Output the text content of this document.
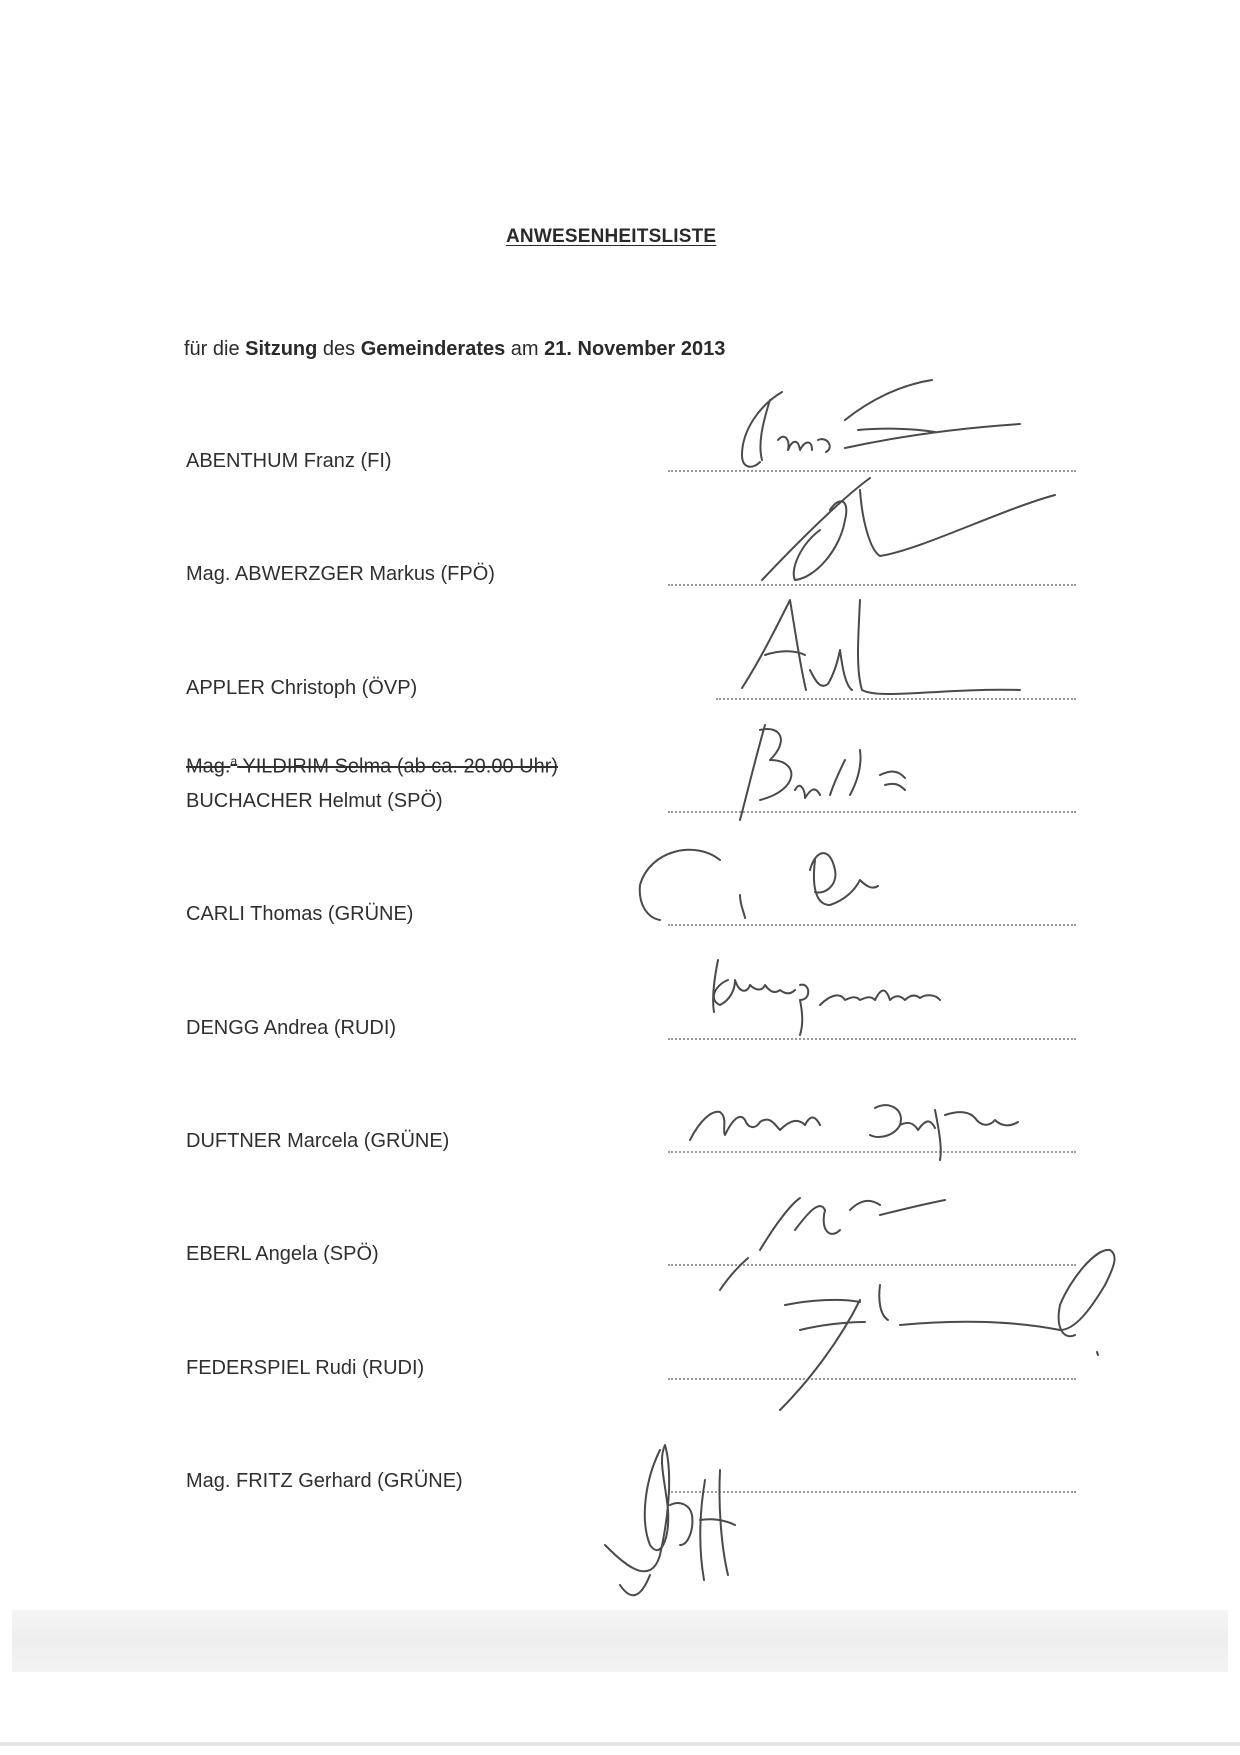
ANWESENHEITSLISTE
für die Sitzung des Gemeinderates am 21. November 2013
ABENTHUM Franz (FI)
Mag. ABWERZGER Markus (FPÖ)
APPLER Christoph (ÖVP)
Mag.$^a$ YILDIRIM Selma (ab ca. 20.00 Uhr)
BUCHACHER Helmut (SPÖ)
CARLI Thomas (GRÜNE)
DENGG Andrea (RUDI)
DUFTNER Marcela (GRÜNE)
EBERL Angela (SPÖ)
FEDERSPIEL Rudi (RUDI)
Mag. FRITZ Gerhard (GRÜNE)
